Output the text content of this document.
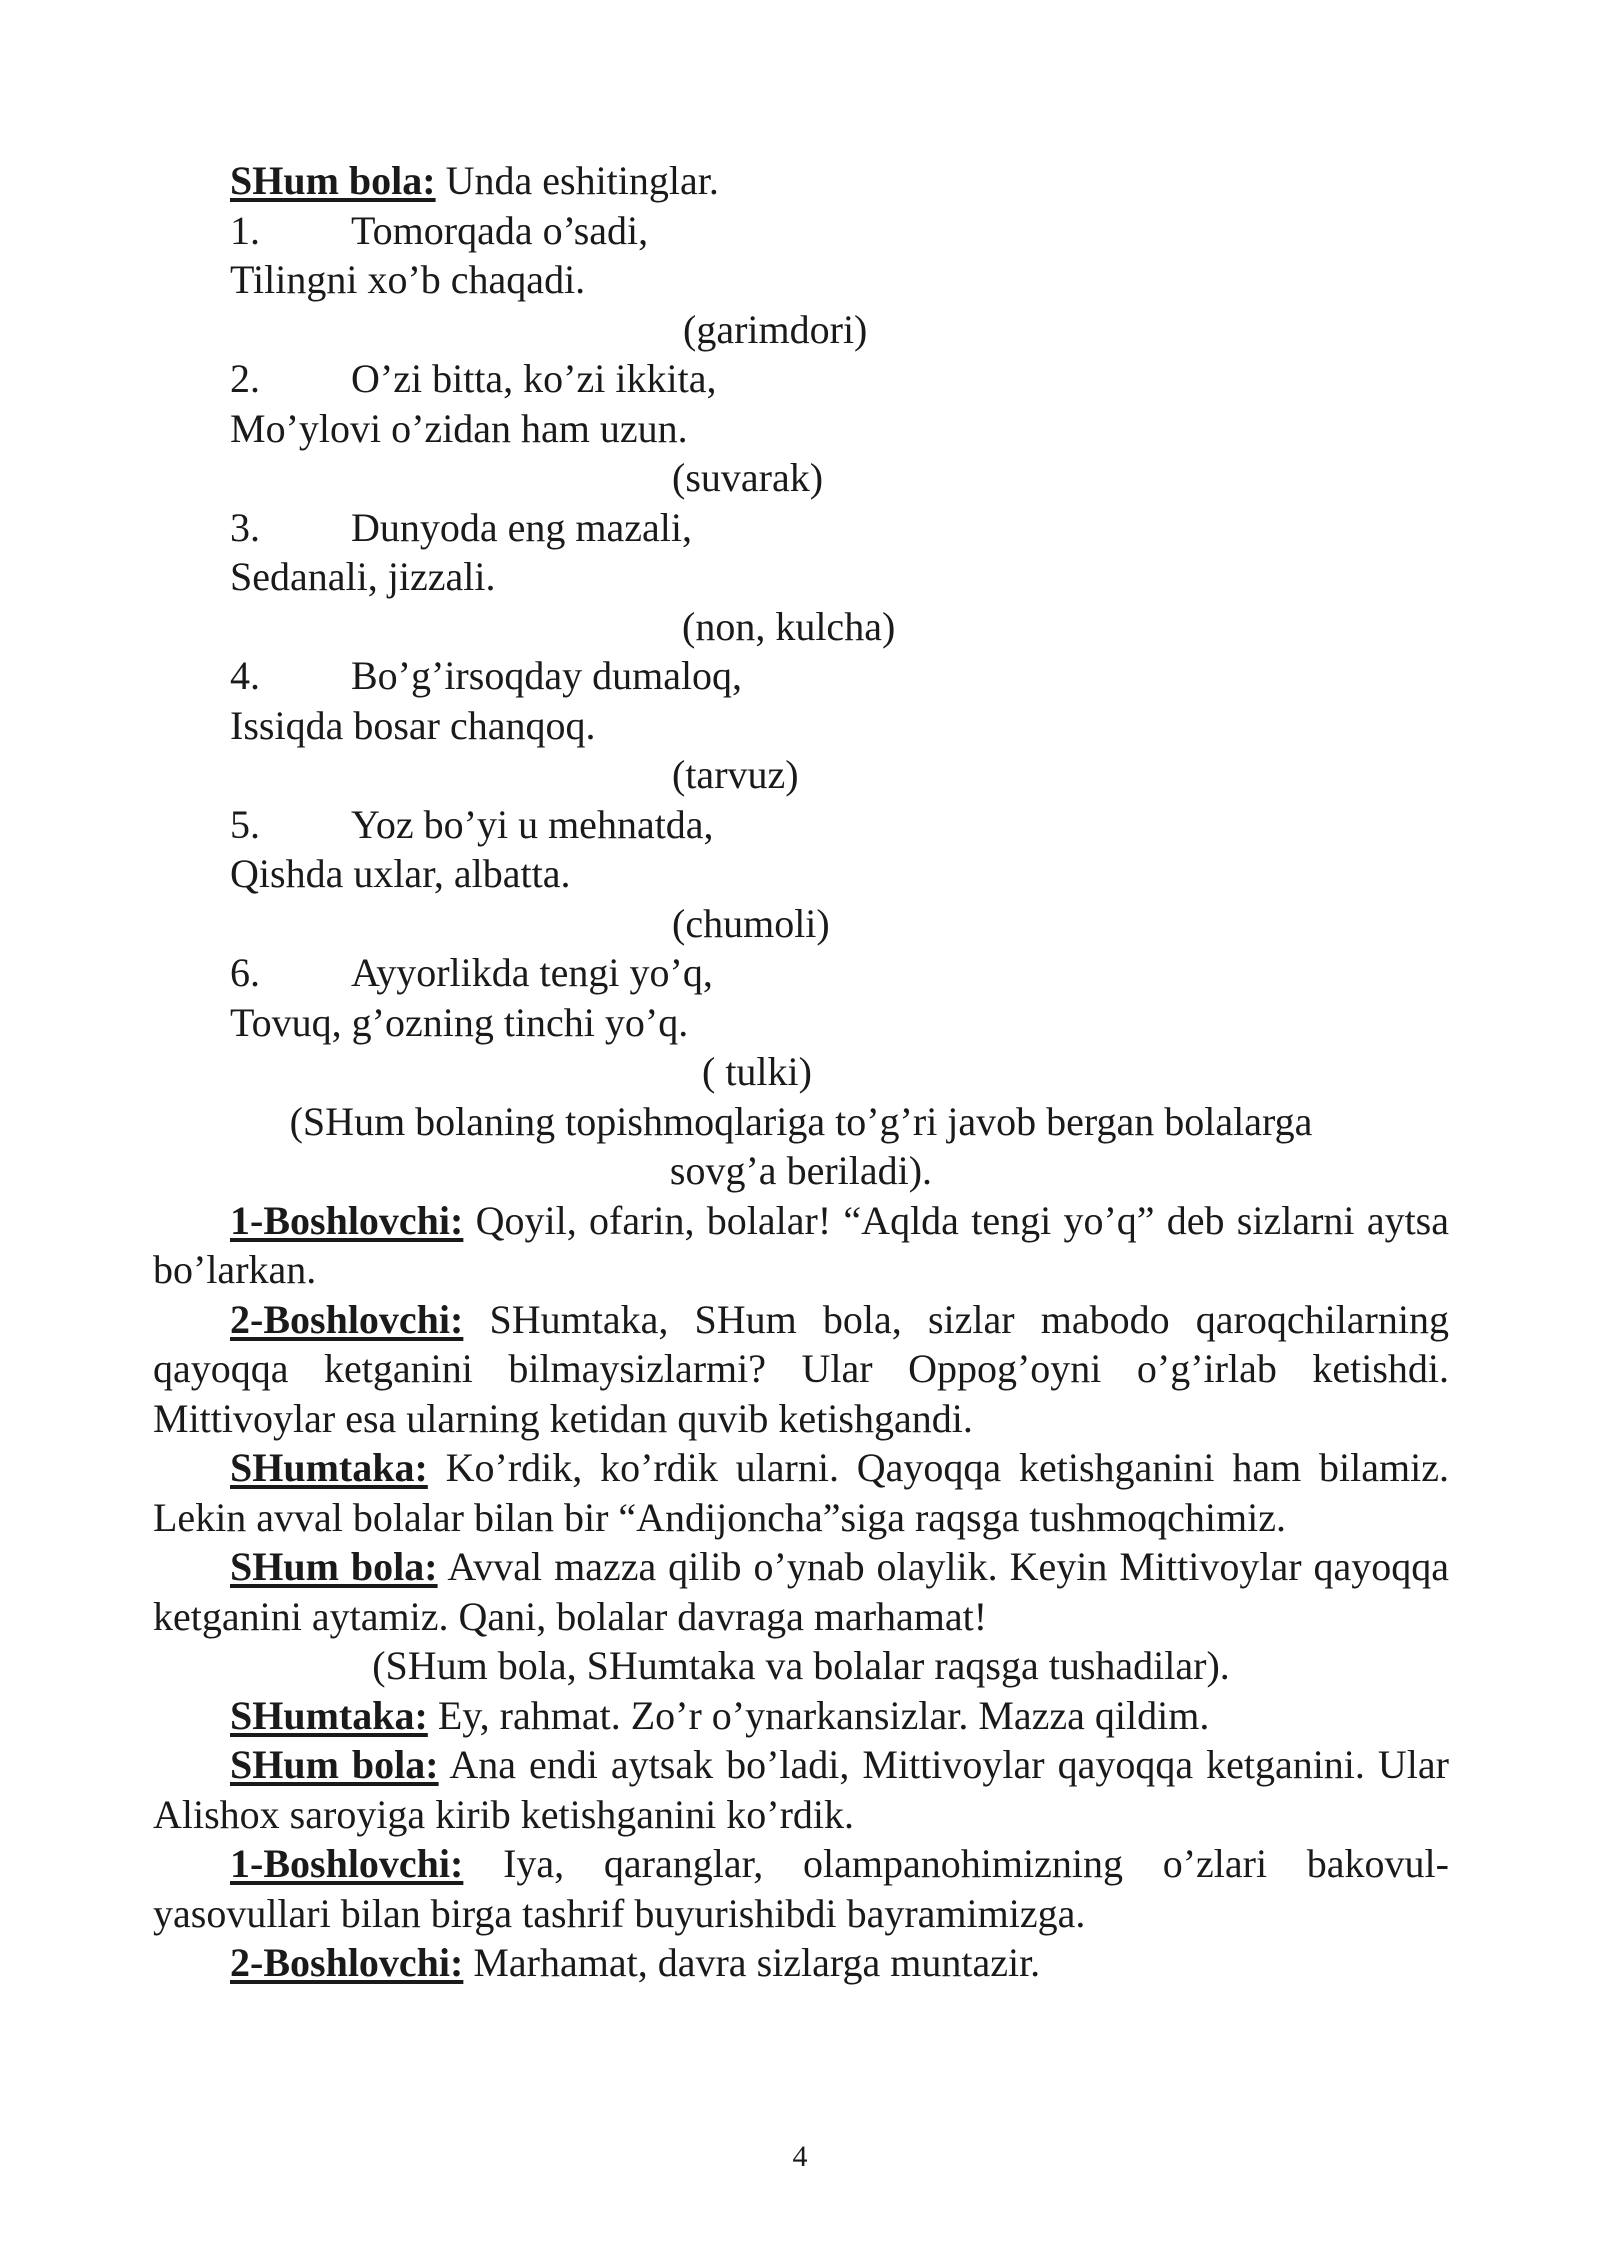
SHum bola: Unda eshitinglar.

1. Tomorqada o’sadi,
Tilingni xo’b chaqadi.
(garimdori)
2. O’zi bitta, ko’zi ikkita,
Mo’ylovi o’zidan ham uzun.
(suvarak)
3. Dunyoda eng mazali,
Sedanali, jizzali.
(non, kulcha)
4. Bo’g’irsoqday dumaloq,
Issiqda bosar chanqoq.
(tarvuz)
5. Yoz bo’yi u mehnatda,
Qishda uxlar, albatta.
(chumoli)
6. Ayyorlikda tengi yo’q,
Tovuq, g’ozning tinchi yo’q.
( tulki)
(SHum bolaning topishmoqlariga to’g’ri javob bergan bolalarga sovg’a beriladi).

1-Boshlovchi: Qoyil, ofarin, bolalar! “Aqlda tengi yo’q” deb sizlarni aytsa bo’larkan.

2-Boshlovchi: SHumtaka, SHum bola, sizlar mabodo qaroqchilarning qayoqqa ketganini bilmaysizlarmi? Ular Oppog’oyni o’g’irlab ketishdi. Mittivoylar esa ularning ketidan quvib ketishgandi.

SHumtaka: Ko’rdik, ko’rdik ularni. Qayoqqa ketishganini ham bilamiz. Lekin avval bolalar bilan bir “Andijoncha”siga raqsga tushmoqchimiz.

SHum bola: Avval mazza qilib o’ynab olaylik. Keyin Mittivoylar qayoqqa ketganini aytamiz. Qani, bolalar davraga marhamat!

(SHum bola, SHumtaka va bolalar raqsga tushadilar).

SHumtaka: Ey, rahmat. Zo’r o’ynarkansizlar. Mazza qildim.

SHum bola: Ana endi aytsak bo’ladi, Mittivoylar qayoqqa ketganini. Ular Alishox saroyiga kirib ketishganini ko’rdik.

1-Boshlovchi: Iya, qaranglar, olampanohimizning o’zlari bakovul-yasovullari bilan birga tashrif buyurishibdi bayramimizga.

2-Boshlovchi: Marhamat, davra sizlarga muntazir.

4
